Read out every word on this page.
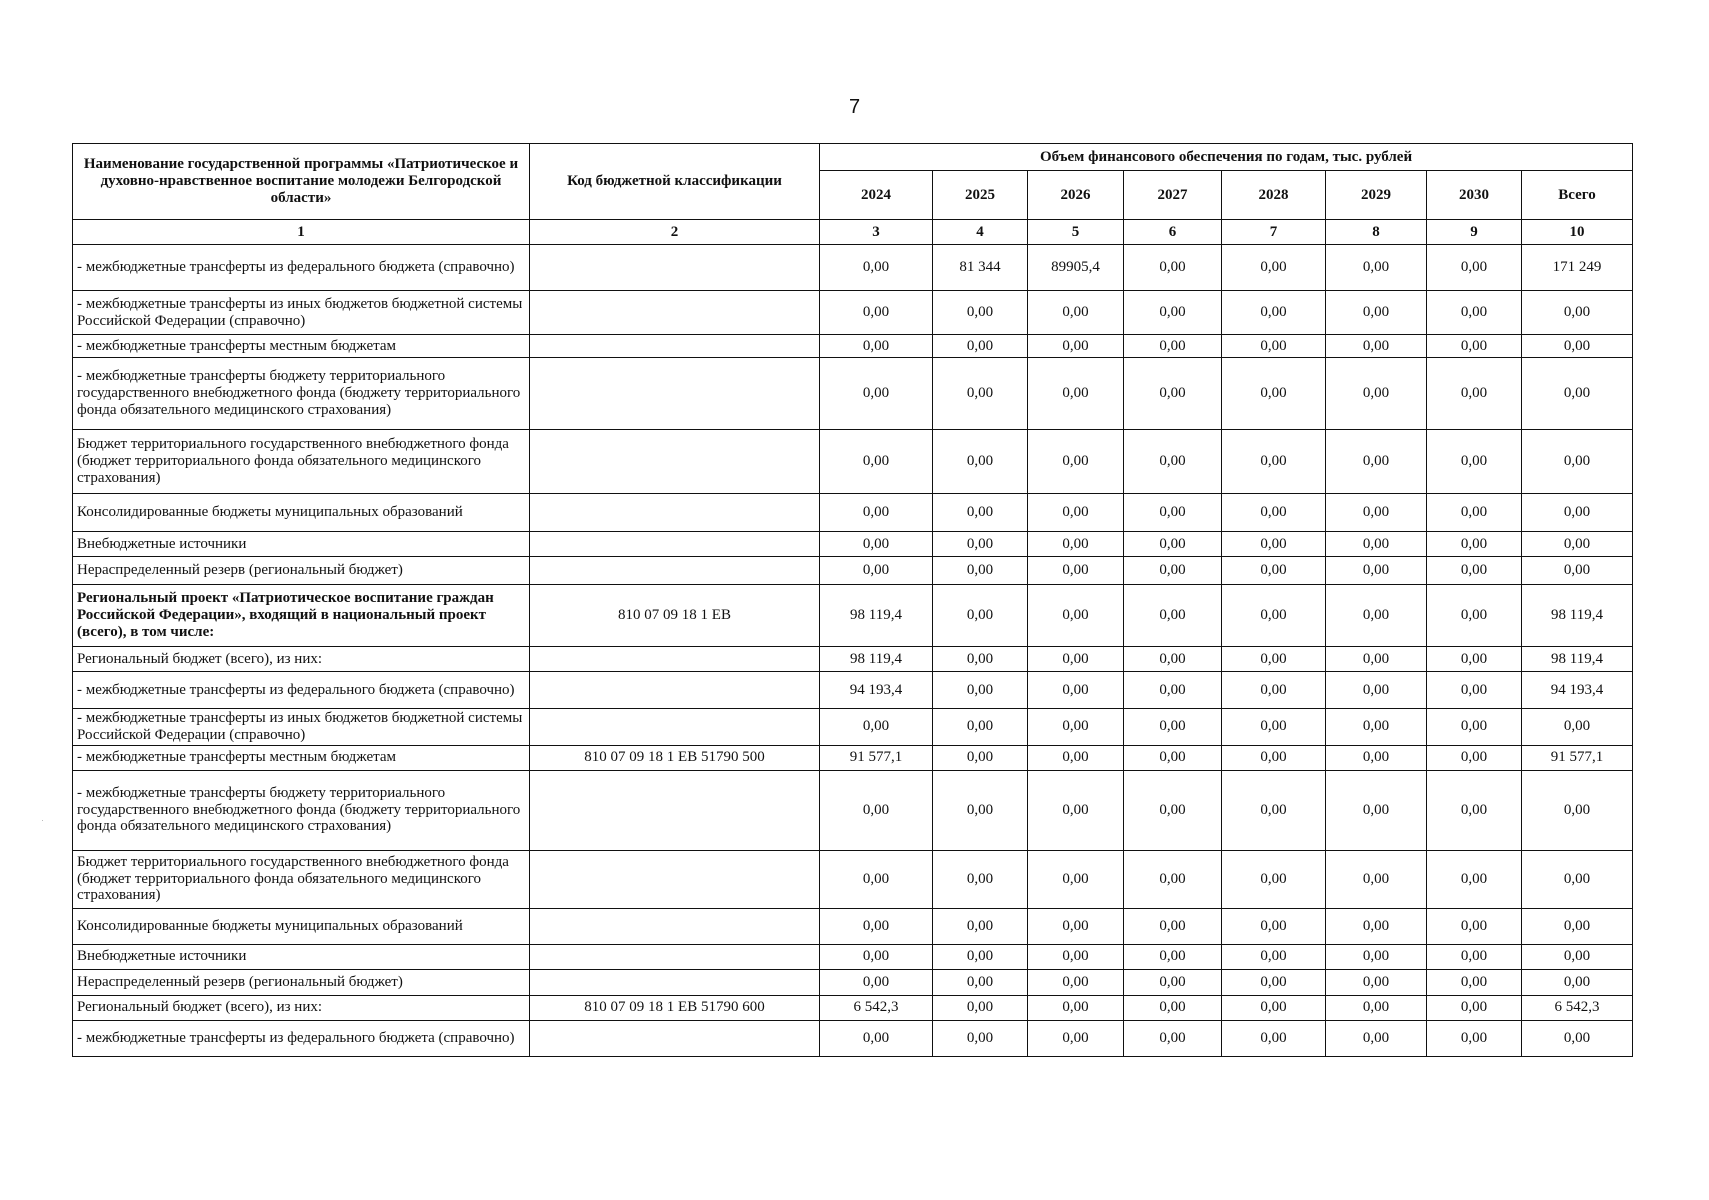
7
Наименование государственной программы «Патриотическое и духовно-нравственное воспитание молодежи Белгородской области»	Код бюджетной классификации	Объем финансового обеспечения по годам, тыс. рублей							
		2024	2025	2026	2027	2028	2029	2030	Всего
1	2	3	4	5	6	7	8	9	10
- межбюджетные трансферты из федерального бюджета (справочно)		0,00	81 344	89905,4	0,00	0,00	0,00	0,00	171 249
- межбюджетные трансферты из иных бюджетов бюджетной системы Российской Федерации (справочно)		0,00	0,00	0,00	0,00	0,00	0,00	0,00	0,00
- межбюджетные трансферты местным бюджетам		0,00	0,00	0,00	0,00	0,00	0,00	0,00	0,00
- межбюджетные трансферты бюджету территориального государственного внебюджетного фонда (бюджету территориального фонда обязательного медицинского страхования)		0,00	0,00	0,00	0,00	0,00	0,00	0,00	0,00
Бюджет территориального государственного внебюджетного фонда (бюджет территориального фонда обязательного медицинского страхования)		0,00	0,00	0,00	0,00	0,00	0,00	0,00	0,00
Консолидированные бюджеты муниципальных образований		0,00	0,00	0,00	0,00	0,00	0,00	0,00	0,00
Внебюджетные источники		0,00	0,00	0,00	0,00	0,00	0,00	0,00	0,00
Нераспределенный резерв (региональный бюджет)		0,00	0,00	0,00	0,00	0,00	0,00	0,00	0,00
Региональный проект «Патриотическое воспитание граждан Российской Федерации», входящий в национальный проект (всего), в том числе:	810 07 09 18 1 ЕВ	98 119,4	0,00	0,00	0,00	0,00	0,00	0,00	98 119,4
Региональный бюджет (всего), из них:		98 119,4	0,00	0,00	0,00	0,00	0,00	0,00	98 119,4
- межбюджетные трансферты из федерального бюджета (справочно)		94 193,4	0,00	0,00	0,00	0,00	0,00	0,00	94 193,4
- межбюджетные трансферты из иных бюджетов бюджетной системы Российской Федерации (справочно)		0,00	0,00	0,00	0,00	0,00	0,00	0,00	0,00
- межбюджетные трансферты местным бюджетам	810 07 09 18 1 ЕВ 51790 500	91 577,1	0,00	0,00	0,00	0,00	0,00	0,00	91 577,1
- межбюджетные трансферты бюджету территориального государственного внебюджетного фонда (бюджету территориального фонда обязательного медицинского страхования)		0,00	0,00	0,00	0,00	0,00	0,00	0,00	0,00
Бюджет территориального государственного внебюджетного фонда (бюджет территориального фонда обязательного медицинского страхования)		0,00	0,00	0,00	0,00	0,00	0,00	0,00	0,00
Консолидированные бюджеты муниципальных образований		0,00	0,00	0,00	0,00	0,00	0,00	0,00	0,00
Внебюджетные источники		0,00	0,00	0,00	0,00	0,00	0,00	0,00	0,00
Нераспределенный резерв (региональный бюджет)		0,00	0,00	0,00	0,00	0,00	0,00	0,00	0,00
Региональный бюджет (всего), из них:	810 07 09 18 1 ЕВ 51790 600	6 542,3	0,00	0,00	0,00	0,00	0,00	0,00	6 542,3
- межбюджетные трансферты из федерального бюджета (справочно)		0,00	0,00	0,00	0,00	0,00	0,00	0,00	0,00
